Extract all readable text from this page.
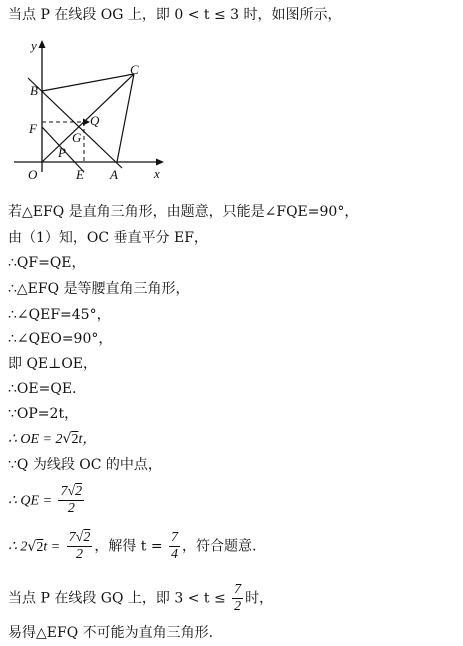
当点 P 在线段 OG 上，即 0 < t ≤ 3 时，如图所示，
y
x
O	E A
B
C
F
G
P
Q
若△EFQ 是直角三角形，由题意，只能是∠FQE=90°，
由（1）知，OC 垂直平分 EF，
∴QF=QE，
∴△EFQ 是等腰直角三角形，
∴∠QEF=45°，
∴∠QEO=90°，
即 QE⊥OE，
∴OE=QE.
∵OP=2t，
∴ OE = 2√2t，
∵Q 为线段 OC 的中点，
∴ QE = $\frac{7√2}{2}$
∴ $2√2t = \frac{7√2}{2}$ ，解得 $t = \frac{7}{4}$ ，符合题意.
当点 P 在线段 GQ 上，即 $3 < t \le \frac{7}{2}$ 时，
易得△EFQ 不可能为直角三角形.
